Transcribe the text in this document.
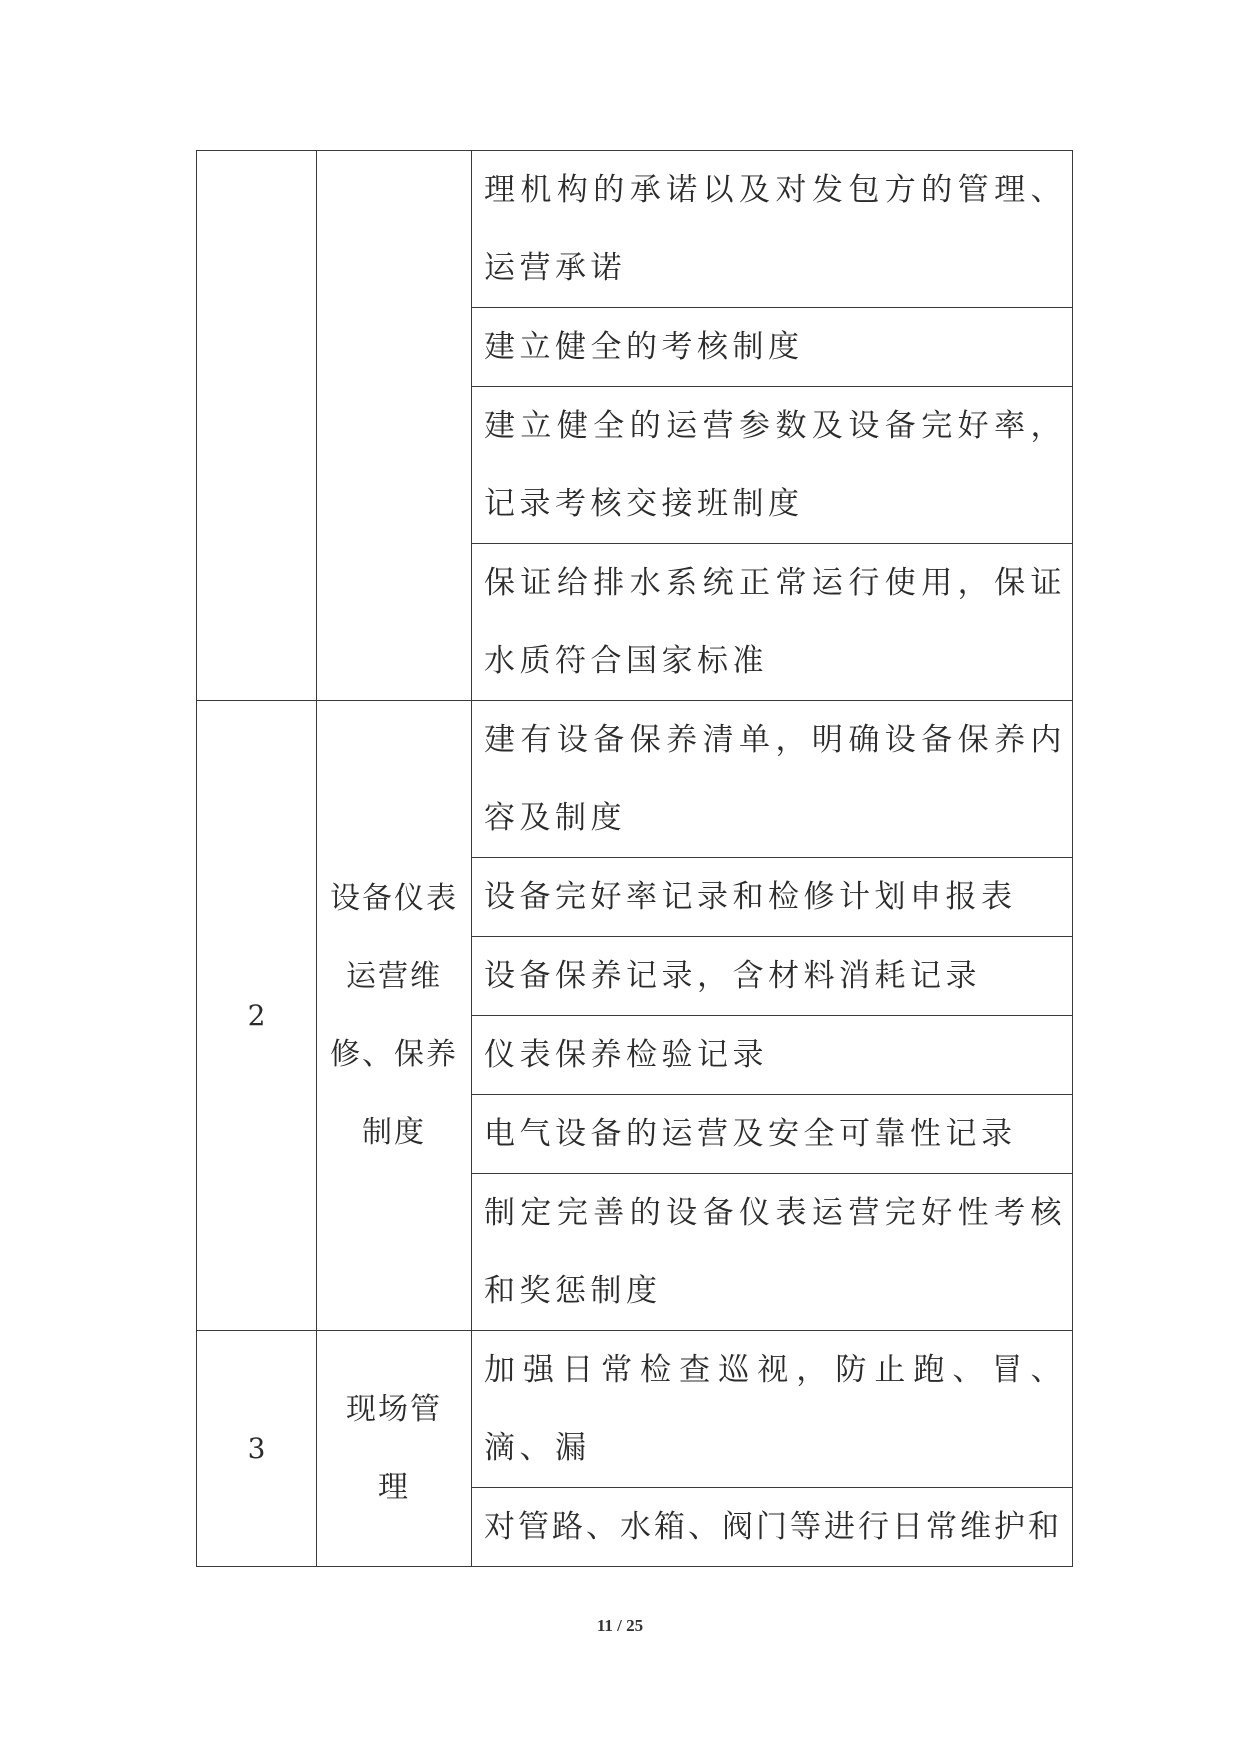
		理机构的承诺以及对发包方的管理、运营承诺
		建立健全的考核制度
		建立健全的运营参数及设备完好率，记录考核交接班制度
		保证给排水系统正常运行使用，保证水质符合国家标准
2	设备仪表运营维修、保养制度	建有设备保养清单，明确设备保养内容及制度
		设备完好率记录和检修计划申报表
		设备保养记录，含材料消耗记录
		仪表保养检验记录
		电气设备的运营及安全可靠性记录
		制定完善的设备仪表运营完好性考核和奖惩制度
3	现场管理	加强日常检查巡视，防止跑、冒、滴、漏
		对管路、水箱、阀门等进行日常维护和
11 / 25
